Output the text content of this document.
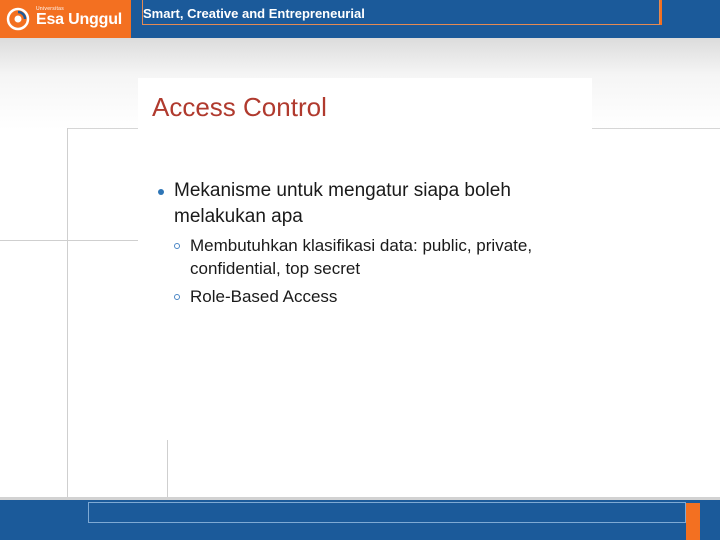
Universitas
Esa Unggul Smart, Creative and Entrepreneurial
Access Control
Mekanisme untuk mengatur siapa boleh melakukan apa
Membutuhkan klasifikasi data: public, private, confidential, top secret
Role-Based Access
